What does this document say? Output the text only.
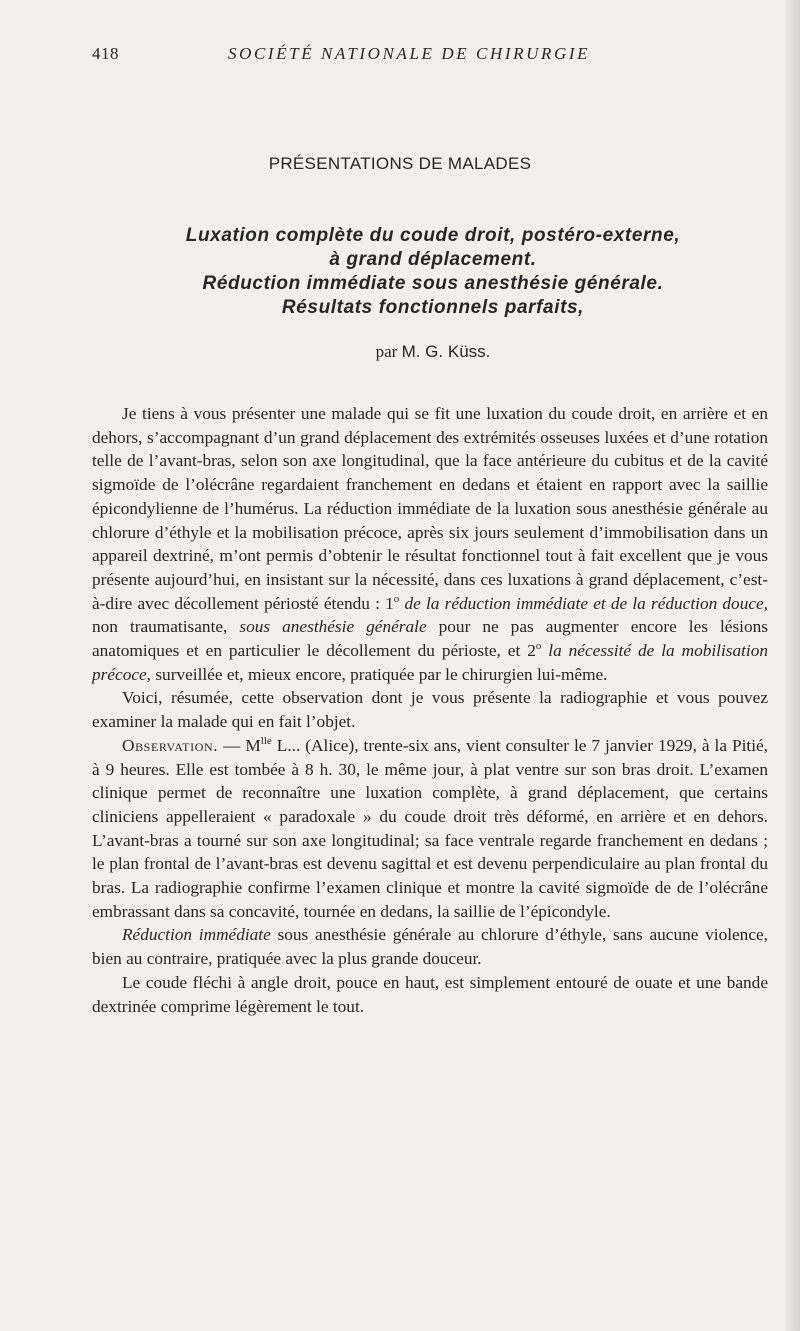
418	SOCIÉTÉ NATIONALE DE CHIRURGIE
PRÉSENTATIONS DE MALADES
Luxation complète du coude droit, postéro-externe,
à grand déplacement.
Réduction immédiate sous anesthésie générale.
Résultats fonctionnels parfaits,
par M. G. Küss.

Je tiens à vous présenter une malade qui se fit une luxation du coude droit, en arrière et en dehors, s’accompagnant d’un grand déplacement des extrémités osseuses luxées et d’une rotation telle de l’avant-bras, selon son axe longitudinal, que la face antérieure du cubitus et de la cavité sigmoïde de l’olécrâne regardaient franchement en dedans et étaient en rapport avec la saillie épicondylienne de l’humérus. La réduction immédiate de la luxation sous anesthésie générale au chlorure d’éthyle et la mobilisation précoce, après six jours seulement d’immobilisation dans un appareil dextriné, m’ont permis d’obtenir le résultat fonctionnel tout à fait excellent que je vous présente aujourd’hui, en insistant sur la nécessité, dans ces luxations à grand déplacement, c’est-à-dire avec décollement périosté étendu : 1$^o$ de la réduction immédiate et de la réduction douce, non traumatisante, sous anesthésie générale pour ne pas augmenter encore les lésions anatomiques et en particulier le décollement du périoste, et 2$^o$ la nécessité de la mobilisation précoce, surveillée et, mieux encore, pratiquée par le chirurgien lui-même.

Voici, résumée, cette observation dont je vous présente la radiographie et vous pouvez examiner la malade qui en fait l’objet.

Observation. — $M^{lle}$ L... (Alice), trente-six ans, vient consulter le 7 janvier 1929, à la Pitié, à 9 heures. Elle est tombée à 8 h. 30, le même jour, à plat ventre sur son bras droit. L’examen clinique permet de reconnaître une luxation complète, à grand déplacement, que certains cliniciens appelleraient « paradoxale » du coude droit très déformé, en arrière et en dehors. L’avant-bras a tourné sur son axe longitudinal; sa face ventrale regarde franchement en dedans ; le plan frontal de l’avant-bras est devenu sagittal et est devenu perpendiculaire au plan frontal du bras. La radiographie confirme l’examen clinique et montre la cavité sigmoïde de de l’olécrâne embrassant dans sa concavité, tournée en dedans, la saillie de l’épicondyle.

Réduction immédiate sous anesthésie générale au chlorure d’éthyle, sans aucune violence, bien au contraire, pratiquée avec la plus grande douceur.

Le coude fléchi à angle droit, pouce en haut, est simplement entouré de ouate et une bande dextrinée comprime légèrement le tout.
